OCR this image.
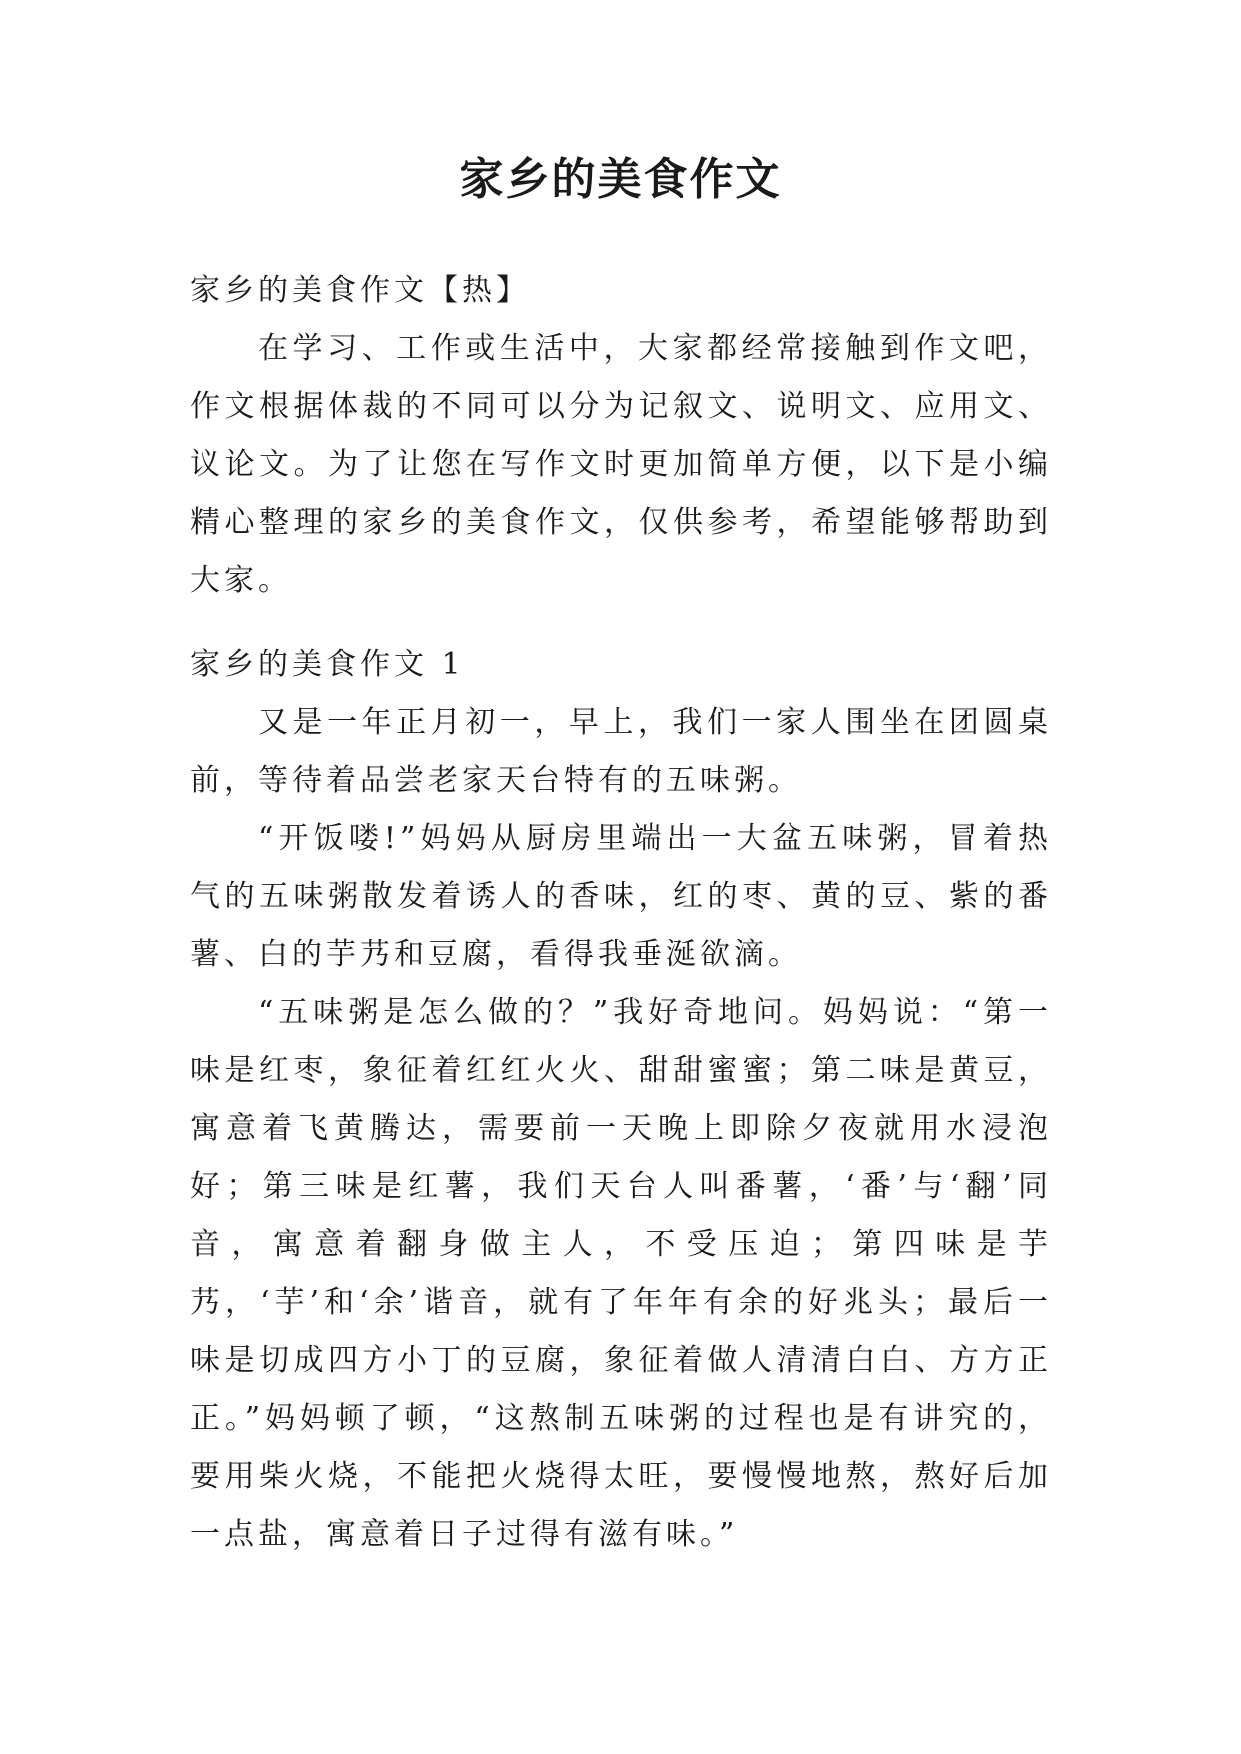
家乡的美食作文
家乡的美食作文【热】

在学习、工作或生活中，大家都经常接触到作文吧，作文根据体裁的不同可以分为记叙文、说明文、应用文、议论文。为了让您在写作文时更加简单方便，以下是小编精心整理的家乡的美食作文，仅供参考，希望能够帮助到大家。

家乡的美食作文 1

又是一年正月初一，早上，我们一家人围坐在团圆桌前，等待着品尝老家天台特有的五味粥。

“开饭喽!”妈妈从厨房里端出一大盆五味粥，冒着热气的五味粥散发着诱人的香味，红的枣、黄的豆、紫的番薯、白的芋艿和豆腐，看得我垂涎欲滴。

“五味粥是怎么做的？”我好奇地问。妈妈说：“第一味是红枣，象征着红红火火、甜甜蜜蜜；第二味是黄豆，寓意着飞黄腾达，需要前一天晚上即除夕夜就用水浸泡好；第三味是红薯，我们天台人叫番薯，‘番’与‘翻’同音，寓意着翻身做主人，不受压迫；第四味是芋艿，‘芋’和‘余’谐音，就有了年年有余的好兆头；最后一味是切成四方小丁的豆腐，象征着做人清清白白、方方正正。”妈妈顿了顿，“这熬制五味粥的过程也是有讲究的，要用柴火烧，不能把火烧得太旺，要慢慢地熬，熬好后加一点盐，寓意着日子过得有滋有味。”
